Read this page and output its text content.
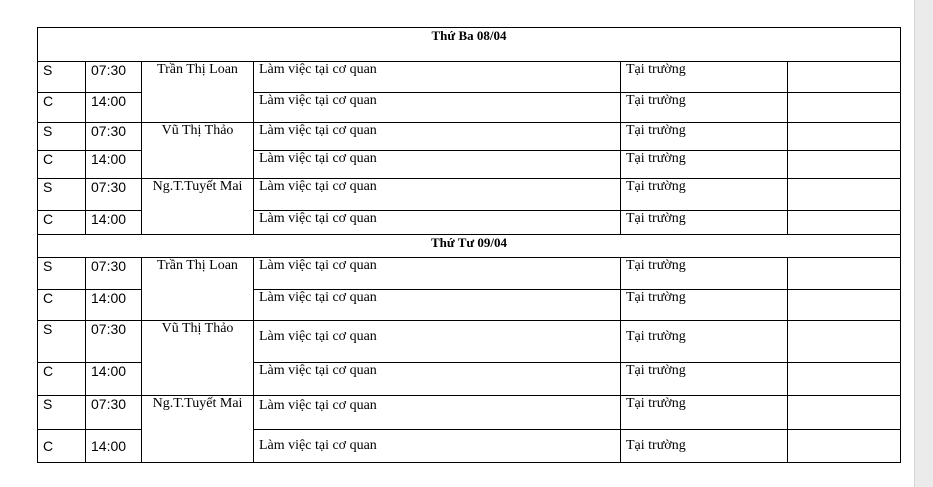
Thứ Ba 08/04					
S	07:30	Trần Thị Loan	Làm việc tại cơ quan	Tại trường	
C	14:00		Làm việc tại cơ quan	Tại trường	
S	07:30	Vũ Thị Thảo	Làm việc tại cơ quan	Tại trường	
C	14:00		Làm việc tại cơ quan	Tại trường	
S	07:30	Ng.T.Tuyết Mai	Làm việc tại cơ quan	Tại trường	
C	14:00		Làm việc tại cơ quan	Tại trường	
Thứ Tư 09/04					
S	07:30	Trần Thị Loan	Làm việc tại cơ quan	Tại trường	
C	14:00		Làm việc tại cơ quan	Tại trường	
S	07:30	Vũ Thị Thảo	Làm việc tại cơ quan	Tại trường	
C	14:00		Làm việc tại cơ quan	Tại trường	
S	07:30	Ng.T.Tuyết Mai	Làm việc tại cơ quan	Tại trường	
C	14:00		Làm việc tại cơ quan	Tại trường	
